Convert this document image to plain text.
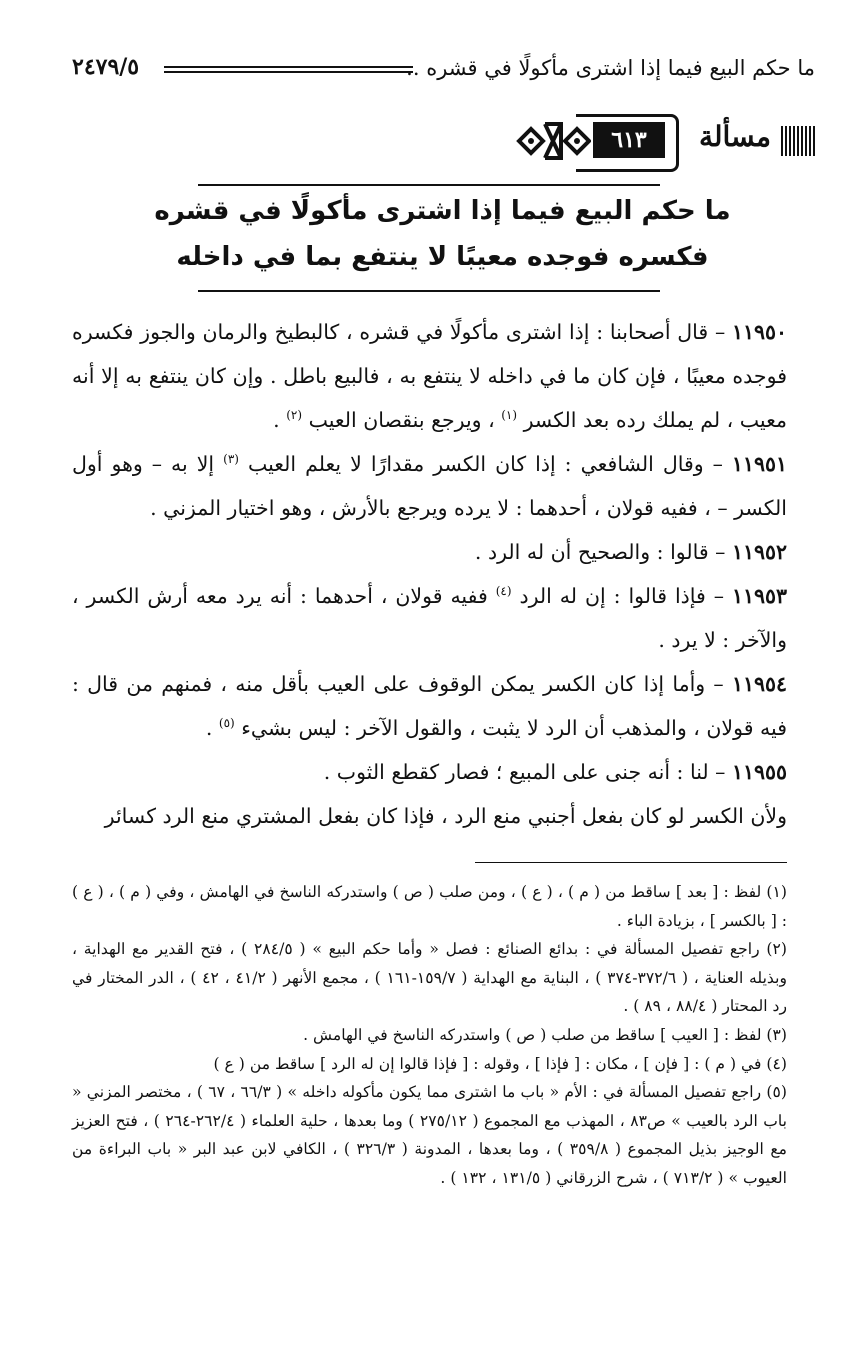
ما حكم البيع فيما إذا اشترى مأكولًا في قشره ..
٢٤٧٩/٥
مسألة
٦١٣
ما حكم البيع فيما إذا اشترى مأكولًا في قشره
فكسره فوجده معيبًا لا ينتفع بما في داخله

١١٩٥٠ – قال أصحابنا : إذا اشترى مأكولًا في قشره ، كالبطيخ والرمان والجوز فكسره فوجده معيبًا ، فإن كان ما في داخله لا ينتفع به ، فالبيع باطل . وإن كان ينتفع به إلا أنه معيب ، لم يملك رده بعد الكسر $^{(١)}$ ، ويرجع بنقصان العيب $^{(٢)}$ .

١١٩٥١ – وقال الشافعي : إذا كان الكسر مقدارًا لا يعلم العيب $^{(٣)}$ إلا به – وهو أول الكسر – ، ففيه قولان ، أحدهما : لا يرده ويرجع بالأرش ، وهو اختيار المزني .

١١٩٥٢ – قالوا : والصحيح أن له الرد .

١١٩٥٣ – فإذا قالوا : إن له الرد $^{(٤)}$ ففيه قولان ، أحدهما : أنه يرد معه أرش الكسر ، والآخر : لا يرد .

١١٩٥٤ – وأما إذا كان الكسر يمكن الوقوف على العيب بأقل منه ، فمنهم من قال : فيه قولان ، والمذهب أن الرد لا يثبت ، والقول الآخر : ليس بشيء $^{(٥)}$ .

١١٩٥٥ – لنا : أنه جنى على المبيع ؛ فصار كقطع الثوب .

ولأن الكسر لو كان بفعل أجنبي منع الرد ، فإذا كان بفعل المشتري منع الرد كسائر

(١) لفظ : [ بعد ] ساقط من ( م ) ، ( ع ) ، ومن صلب ( ص ) واستدركه الناسخ في الهامش ، وفي ( م ) ، ( ع ) : [ بالكسر ] ، بزيادة الباء .

(٢) راجع تفصيل المسألة في : بدائع الصنائع : فصل « وأما حكم البيع » ( ٢٨٤/٥ ) ، فتح القدير مع الهداية ، وبذيله العناية ، ( ٣٧٢/٦-٣٧٤ ) ، البناية مع الهداية ( ١٥٩/٧-١٦١ ) ، مجمع الأنهر ( ٤١/٢ ، ٤٢ ) ، الدر المختار في رد المحتار ( ٨٨/٤ ، ٨٩ ) .

(٣) لفظ : [ العيب ] ساقط من صلب ( ص ) واستدركه الناسخ في الهامش .

(٤) في ( م ) : [ فإن ] ، مكان : [ فإذا ] ، وقوله : [ فإذا قالوا إن له الرد ] ساقط من ( ع )

(٥) راجع تفصيل المسألة في : الأم « باب ما اشترى مما يكون مأكوله داخله » ( ٦٦/٣ ، ٦٧ ) ، مختصر المزني « باب الرد بالعيب » ص٨٣ ، المهذب مع المجموع ( ٢٧٥/١٢ ) وما بعدها ، حلية العلماء ( ٢٦٢/٤-٢٦٤ ) ، فتح العزيز مع الوجيز بذيل المجموع ( ٣٥٩/٨ ) ، وما بعدها ، المدونة ( ٣٢٦/٣ ) ، الكافي لابن عبد البر « باب البراءة من العيوب » ( ٧١٣/٢ ) ، شرح الزرقاني ( ١٣١/٥ ، ١٣٢ ) .
